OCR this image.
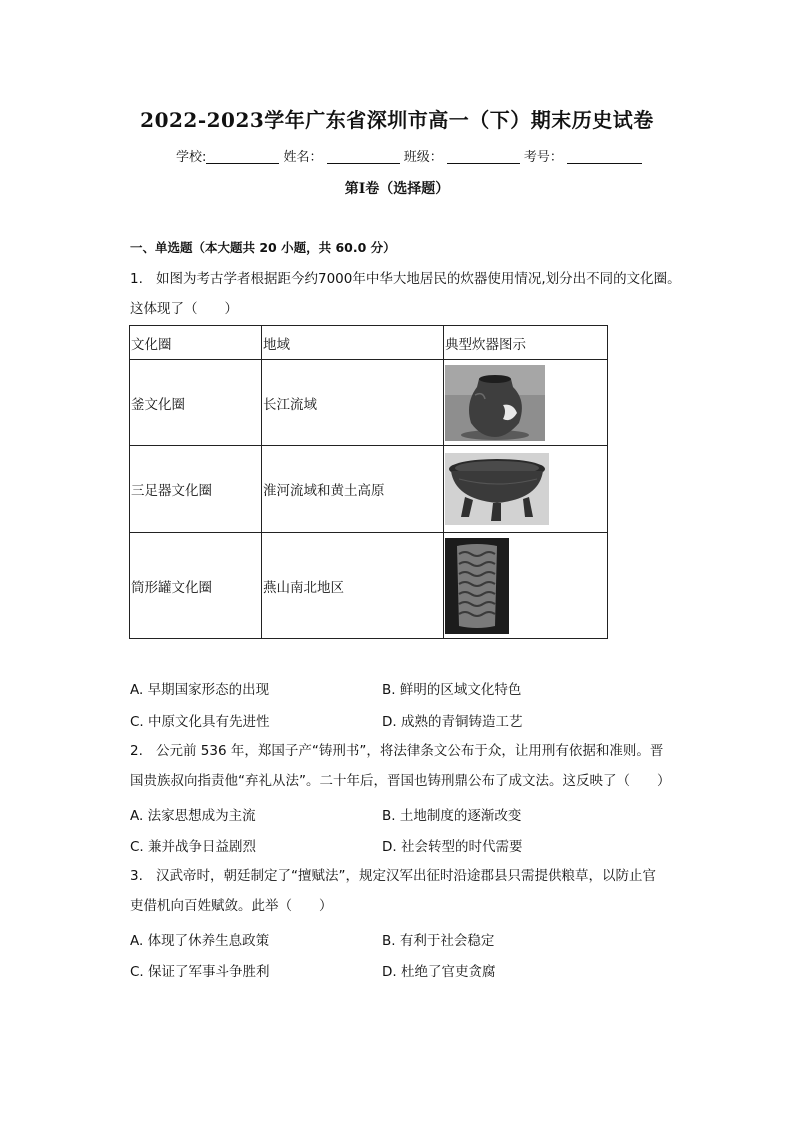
2022-2023学年广东省深圳市高一（下）期末历史试卷
学校:	姓名：	班级：	考号：
第I卷（选择题）
一、单选题（本大题共 20 小题，共 60.0 分）

1. 如图为考古学者根据距今约7000年中华大地居民的炊器使用情况,划分出不同的文化圈。

这体现了（　　）

文化圈	地域	典型炊器图示
釜文化圈	长江流域	

三足器文化圈	淮河流域和黄土高原	

筒形罐文化圈	燕山南北地区	
A. 早期国家形态的出现	B. 鲜明的区域文化特色
C. 中原文化具有先进性	D. 成熟的青铜铸造工艺

2. 公元前 536 年，郑国子产“铸刑书”，将法律条文公布于众，让用刑有依据和准则。晋

国贵族叔向指责他“弃礼从法”。二十年后，晋国也铸刑鼎公布了成文法。这反映了（　　）

A. 法家思想成为主流	B. 土地制度的逐渐改变
C. 兼并战争日益剧烈	D. 社会转型的时代需要

3. 汉武帝时，朝廷制定了“擅赋法”，规定汉军出征时沿途郡县只需提供粮草，以防止官

吏借机向百姓赋敛。此举（　　）

A. 体现了休养生息政策	B. 有利于社会稳定
C. 保证了军事斗争胜利	D. 杜绝了官吏贪腐
